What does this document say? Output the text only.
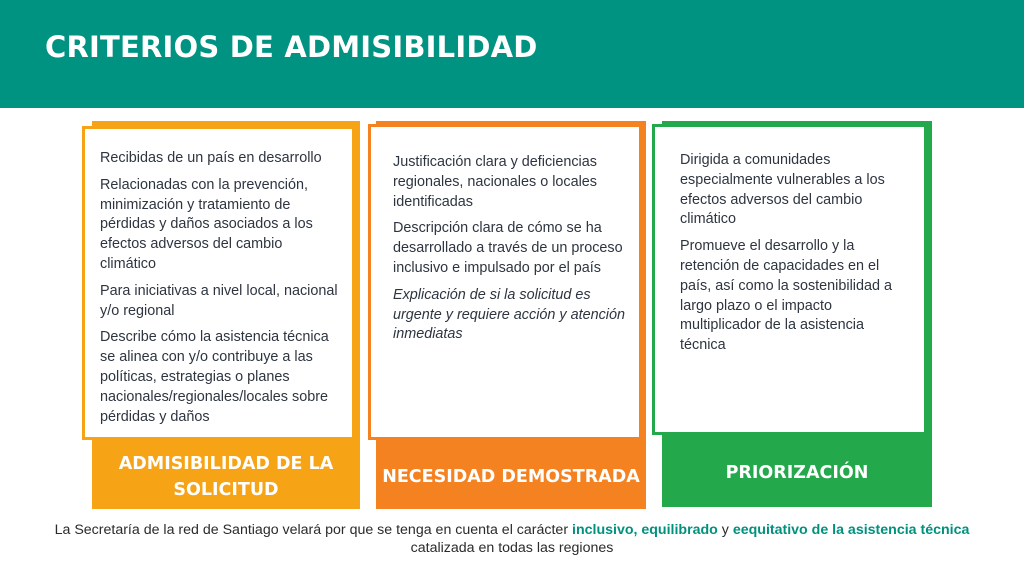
CRITERIOS DE ADMISIBILIDAD
Recibidas de un país en desarrollo
Relacionadas con la prevención, minimización y tratamiento de pérdidas y daños asociados a los efectos adversos del cambio climático
Para iniciativas a nivel local, nacional y/o regional
Describe cómo la asistencia técnica se alinea con y/o contribuye a las políticas, estrategias o planes nacionales/regionales/locales sobre pérdidas y daños
ADMISIBILIDAD DE LA SOLICITUD
Justificación clara y deficiencias regionales, nacionales o locales identificadas
Descripción clara de cómo se ha desarrollado a través de un proceso inclusivo e impulsado por el país
Explicación de si la solicitud es urgente y requiere acción y atención inmediatas
NECESIDAD DEMOSTRADA
Dirigida a comunidades especialmente vulnerables a los efectos adversos del cambio climático
Promueve el desarrollo y la retención de capacidades en el país, así como la sostenibilidad a largo plazo o el impacto multiplicador de la asistencia técnica
PRIORIZACIÓN
La Secretaría de la red de Santiago velará por que se tenga en cuenta el carácter inclusivo, equilibrado y eequitativo de la asistencia técnica catalizada en todas las regiones
